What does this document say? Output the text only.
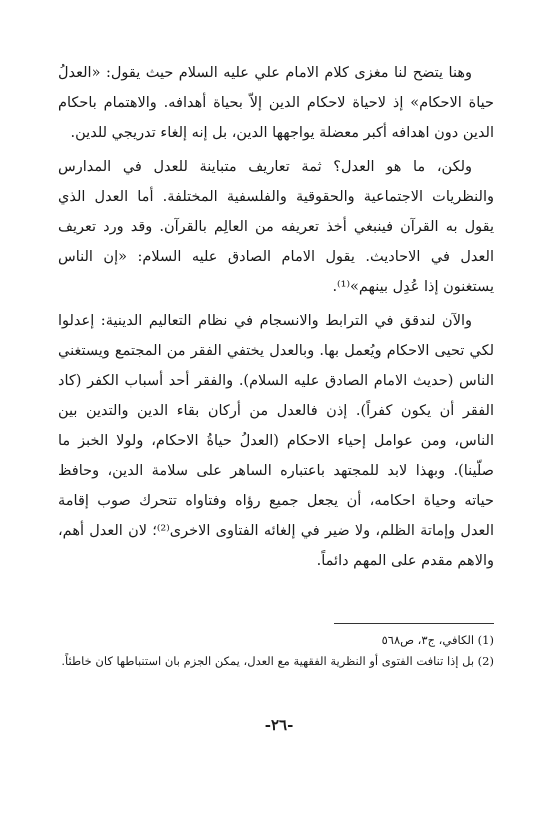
وهنا يتضح لنا مغزى كلام الامام علي عليه السلام حيث يقول: «العدلُ حياة الاحكام» إذ لاحياة لاحكام الدين إلاّ بحياة أهدافه. والاهتمام باحكام الدين دون اهدافه أكبر معضلة يواجهها الدين، بل إنه إلغاء تدريجي للدين.

ولكن، ما هو العدل؟ ثمة تعاريف متباينة للعدل في المدارس والنظريات الاجتماعية والحقوقية والفلسفية المختلفة. أما العدل الذي يقول به القرآن فينبغي أخذ تعريفه من العالِم بالقرآن. وقد ورد تعريف العدل في الاحاديث. يقول الامام الصادق عليه السلام: «إن الناس يستغنون إذا عُدِل بينهم»⁽¹⁾.

والآن لندقق في الترابط والانسجام في نظام التعاليم الدينية: إعدلوا لكي تحيى الاحكام ويُعمل بها. وبالعدل يختفي الفقر من المجتمع ويستغني الناس (حديث الامام الصادق عليه السلام). والفقر أحد أسباب الكفر (كاد الفقر أن يكون كفراً). إذن فالعدل من أركان بقاء الدين والتدين بين الناس، ومن عوامل إحياء الاحكام (العدلُ حياةُ الاحكام، ولولا الخبز ما صلّينا). وبهذا لابد للمجتهد باعتباره الساهر على سلامة الدين، وحافظ حياته وحياة احكامه، أن يجعل جميع رؤاه وفتاواه تتحرك صوب إقامة العدل وإماتة الظلم، ولا ضير في إلغائه الفتاوى الاخرى⁽²⁾؛ لان العدل أهم، والاهم مقدم على المهم دائماً.

(1) الكافي، ج٣، ص٥٦٨
(2) بل إذا تنافت الفتوى أو النظرية الفقهية مع العدل، يمكن الجزم بان استنباطها كان خاطئاً.
-٢٦-
